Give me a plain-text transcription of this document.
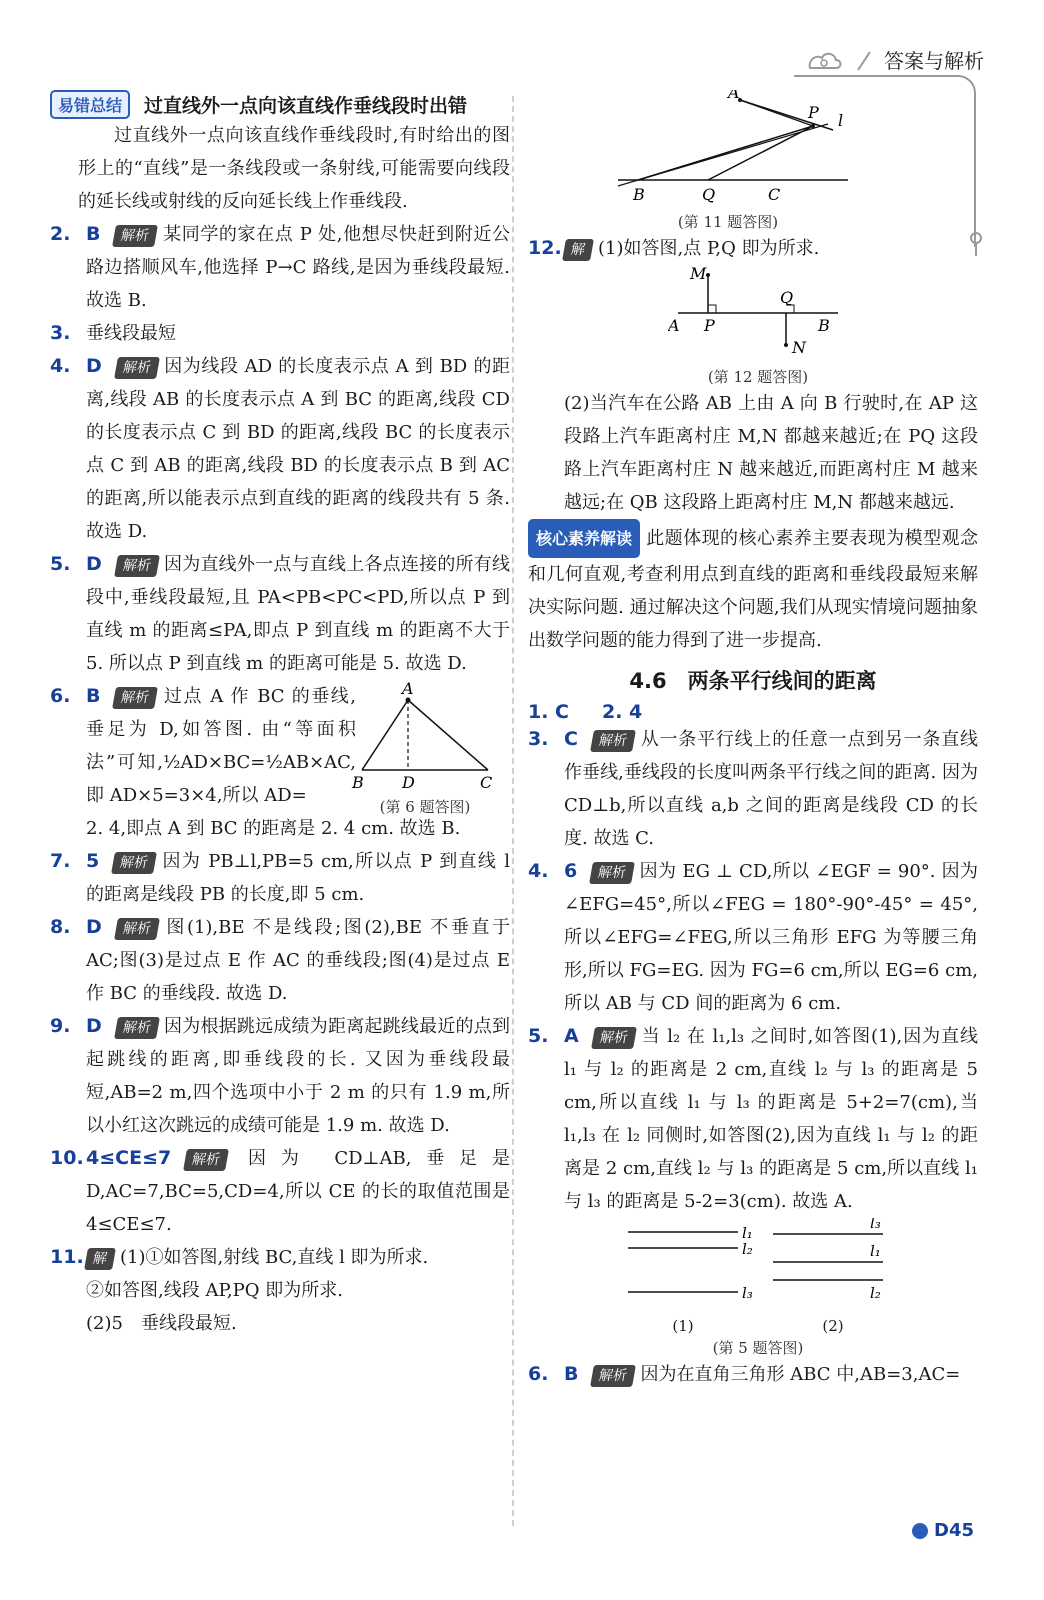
答案与解析
易错总结	过直线外一点向该直线作垂线段时出错

过直线外一点向该直线作垂线段时,有时给出的图形上的“直线”是一条线段或一条射线,可能需要向线段的延长线或射线的反向延长线上作垂线段.

2. B 解析 某同学的家在点 P 处,他想尽快赶到附近公路边搭顺风车,他选择 P→C 路线,是因为垂线段最短. 故选 B.

3. 垂线段最短

4. D 解析 因为线段 AD 的长度表示点 A 到 BD 的距离,线段 AB 的长度表示点 A 到 BC 的距离,线段 CD 的长度表示点 C 到 BD 的距离,线段 BC 的长度表示点 C 到 AB 的距离,线段 BD 的长度表示点 B 到 AC 的距离,所以能表示点到直线的距离的线段共有 5 条. 故选 D.

5. D 解析 因为直线外一点与直线上各点连接的所有线段中,垂线段最短,且 PA<PB<PC<PD,所以点 P 到直线 m 的距离≤PA,即点 P 到直线 m 的距离不大于 5. 所以点 P 到直线 m 的距离可能是 5. 故选 D.

6. B 解析 过点 A 作 BC 的垂线,垂足为 D,如答图. 由“等面积法”可知,½AD×BC=½AB×AC,即 AD×5=3×4,所以 AD=

A
B D	C
(第 6 题答图)

2. 4,即点 A 到 BC 的距离是 2. 4 cm. 故选 B.

7. 5 解析 因为 PB⊥l,PB=5 cm,所以点 P 到直线 l 的距离是线段 PB 的长度,即 5 cm.

8. D 解析 图(1),BE 不是线段;图(2),BE 不垂直于 AC;图(3)是过点 E 作 AC 的垂线段;图(4)是过点 E 作 BC 的垂线段. 故选 D.

9. D 解析 因为根据跳远成绩为距离起跳线最近的点到起跳线的距离,即垂线段的长. 又因为垂线段最短,AB=2 m,四个选项中小于 2 m 的只有 1.9 m,所以小红这次跳远的成绩可能是 1.9 m. 故选 D.

10. 4≤CE≤7 解析 因为 CD⊥AB,垂足是 D,AC=7,BC=5,CD=4,所以 CE 的长的取值范围是 4≤CE≤7.

11. 解 (1)①如答图,射线 BC,直线 l 即为所求.

②如答图,线段 AP,PQ 即为所求.

(2)5　垂线段最短.

A
P l
B	Q	C
(第 11 题答图)
12. 解 (1)如答图,点 P,Q 即为所求.

M
Q
A P	B
N
(第 12 题答图)

(2)当汽车在公路 AB 上由 A 向 B 行驶时,在 AP 这段路上汽车距离村庄 M,N 都越来越近;在 PQ 这段路上汽车距离村庄 N 越来越近,而距离村庄 M 越来越远;在 QB 这段路上距离村庄 M,N 都越来越远.

核心素养解读 此题体现的核心素养主要表现为模型观念和几何直观,考查利用点到直线的距离和垂线段最短来解决实际问题. 通过解决这个问题,我们从现实情境问题抽象出数学问题的能力得到了进一步提高.

4.6　两条平行线间的距离
1. C	2. 4
3. C 解析 从一条平行线上的任意一点到另一条直线作垂线,垂线段的长度叫两条平行线之间的距离. 因为 CD⊥b,所以直线 a,b 之间的距离是线段 CD 的长度. 故选 C.

4. 6 解析 因为 EG ⊥ CD,所以 ∠EGF = 90°. 因为∠EFG=45°,所以∠FEG = 180°-90°-45° = 45°,所以∠EFG=∠FEG,所以三角形 EFG 为等腰三角形,所以 FG=EG. 因为 FG=6 cm,所以 EG=6 cm,所以 AB 与 CD 间的距离为 6 cm.

5. A 解析 当 l₂ 在 l₁,l₃ 之间时,如答图(1),因为直线 l₁ 与 l₂ 的距离是 2 cm,直线 l₂ 与 l₃ 的距离是 5 cm,所以直线 l₁ 与 l₃ 的距离是 5+2=7(cm),当 l₁,l₃ 在 l₂ 同侧时,如答图(2),因为直线 l₁ 与 l₂ 的距离是 2 cm,直线 l₂ 与 l₃ 的距离是 5 cm,所以直线 l₁ 与 l₃ 的距离是 5-2=3(cm). 故选 A.

l₁
l₂
l₃
l₃
l₁
l₂
(1)	(2)
(第 5 题答图)
6. B 解析 因为在直角三角形 ABC 中,AB=3,AC=

D45
